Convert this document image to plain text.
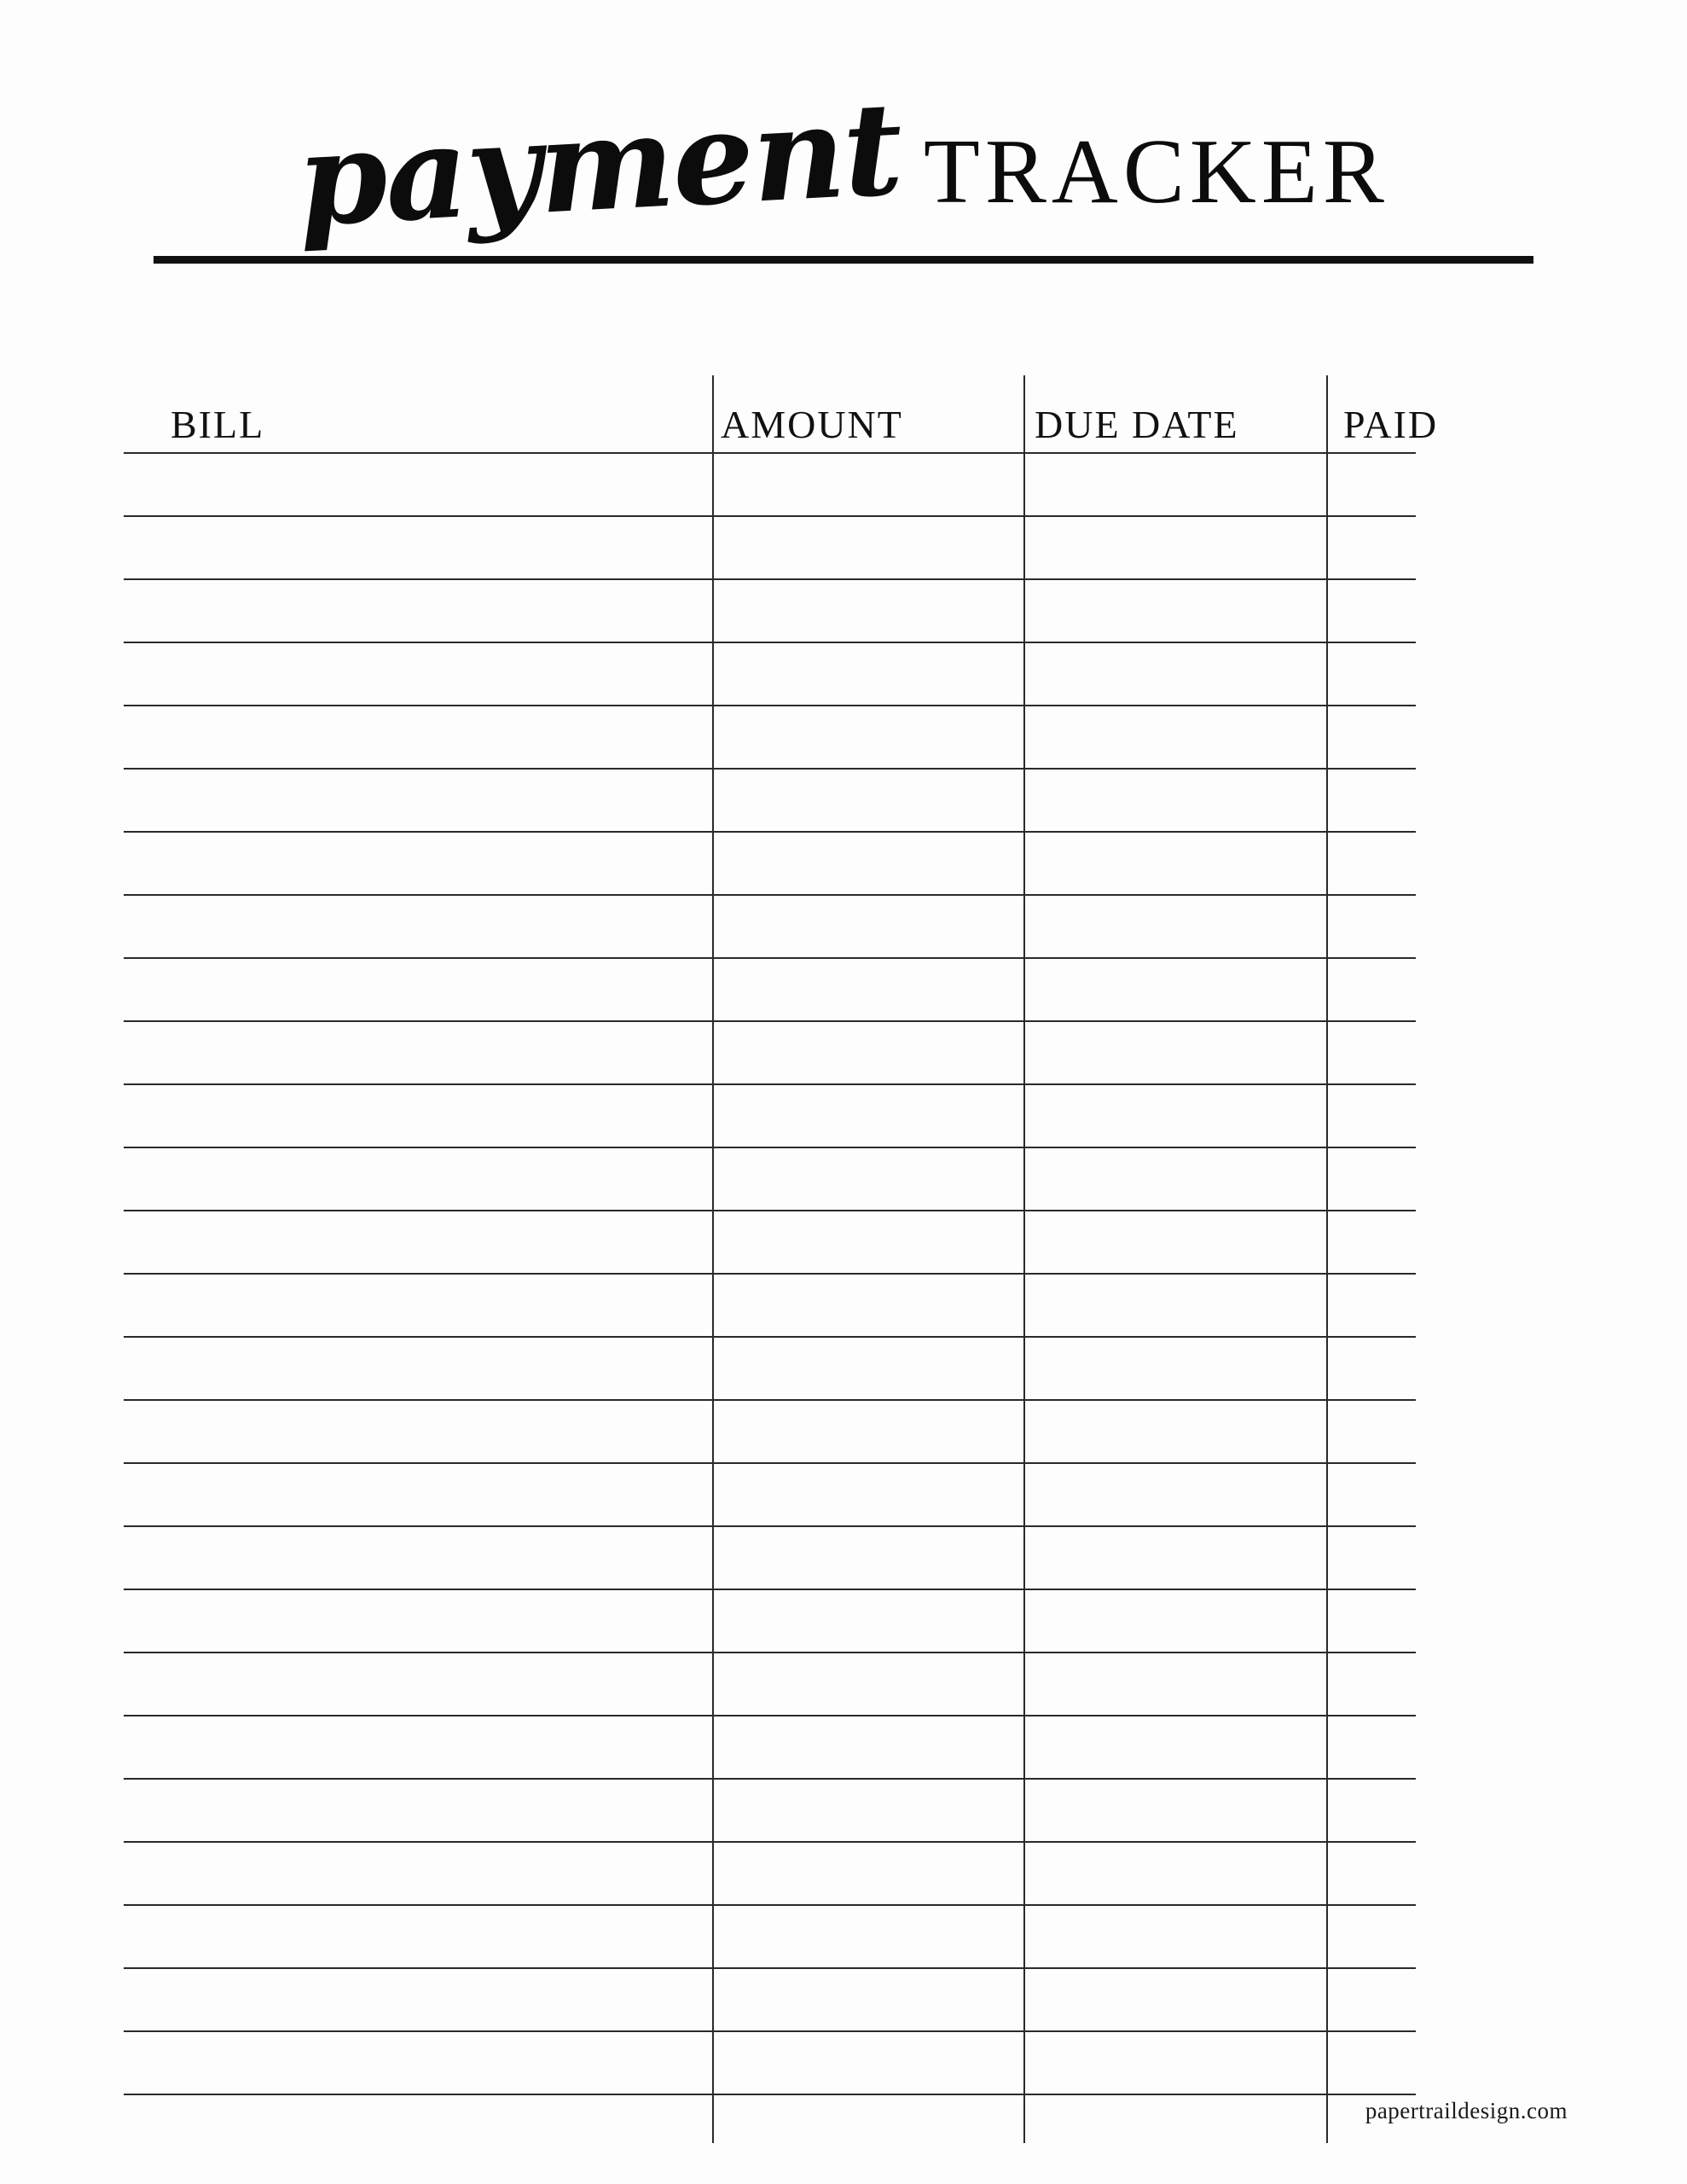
payment TRACKER
BILL	AMOUNT	DUE DATE	PAID
papertraildesign.com
